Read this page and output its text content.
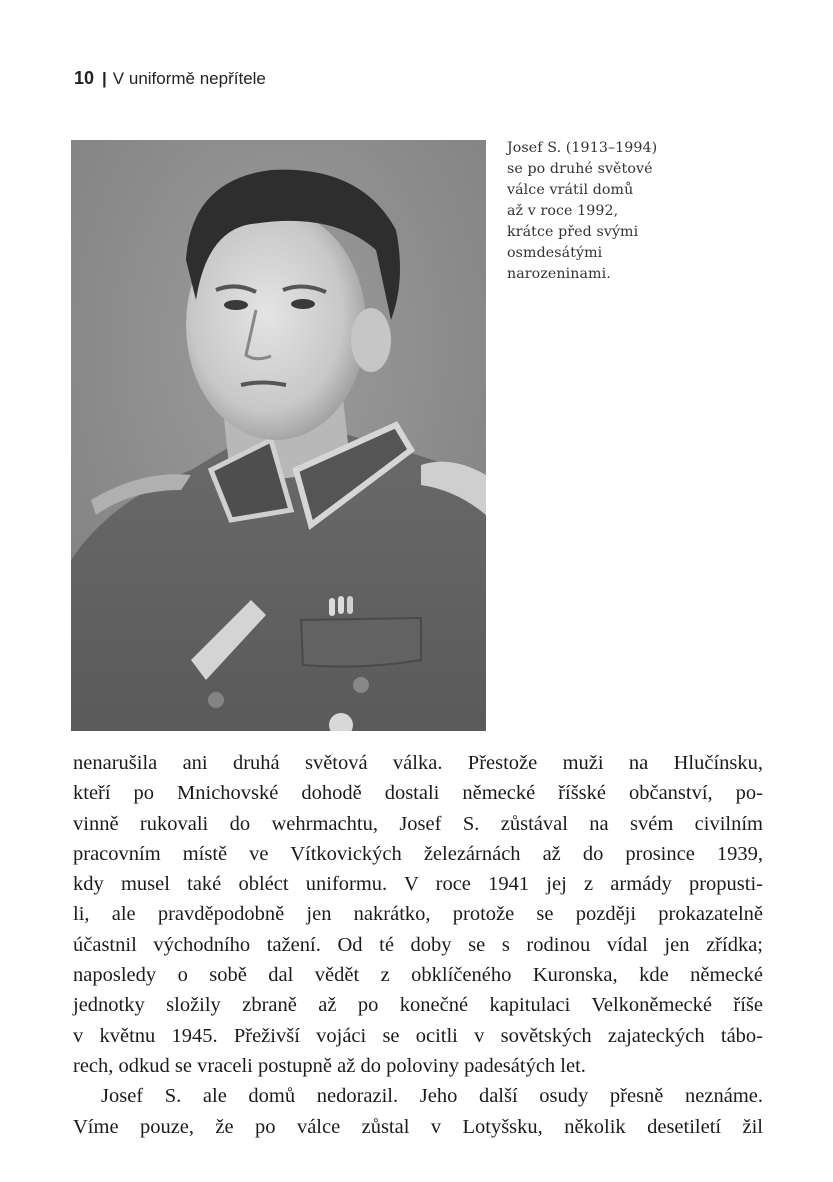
10 | V uniformě nepřítele
Josef S. (1913–1994)
se po druhé světové
válce vrátil domů
až v roce 1992,
krátce před svými
osmdesátými
narozeninami.
nenarušila ani druhá světová válka. Přestože muži na Hlučínsku,
kteří po Mnichovské dohodě dostali německé říšské občanství, po-
vinně rukovali do wehrmachtu, Josef S. zůstával na svém civilním
pracovním místě ve Vítkovických železárnách až do prosince 1939,
kdy musel také obléct uniformu. V roce 1941 jej z armády propusti-
li, ale pravděpodobně jen nakrátko, protože se později prokazatelně
účastnil východního tažení. Od té doby se s rodinou vídal jen zřídka;
naposledy o sobě dal vědět z obklíčeného Kuronska, kde německé
jednotky složily zbraně až po konečné kapitulaci Velkoněmecké říše
v květnu 1945. Přeživší vojáci se ocitli v sovětských zajateckých tábo-
rech, odkud se vraceli postupně až do poloviny padesátých let.
Josef S. ale domů nedorazil. Jeho další osudy přesně neznáme.
Víme pouze, že po válce zůstal v Lotyšsku, několik desetiletí žil
